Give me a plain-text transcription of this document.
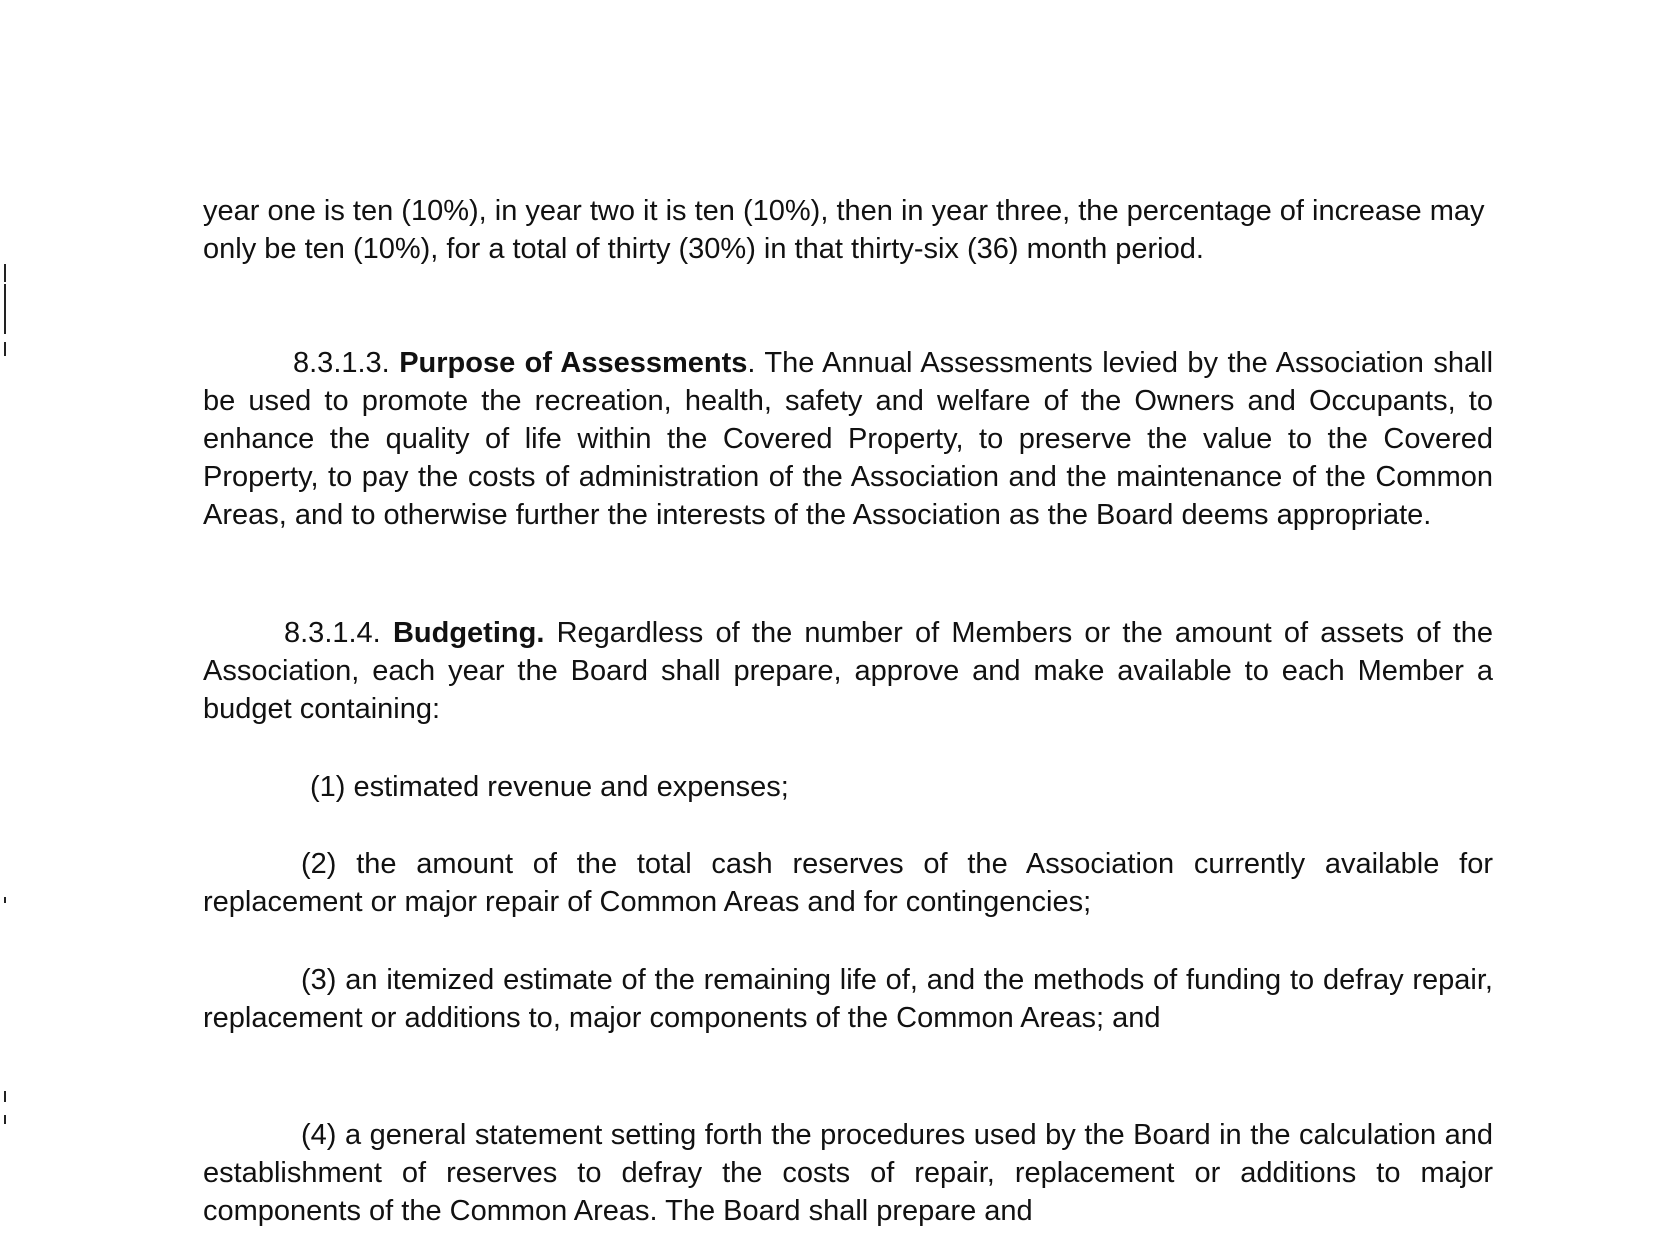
year one is ten (10%), in year two it is ten (10%), then in year three, the percentage of increase may only be ten (10%), for a total of thirty (30%) in that thirty-six (36) month period.

8.3.1.3. Purpose of Assessments. The Annual Assessments levied by the Association shall be used to promote the recreation, health, safety and welfare of the Owners and Occupants, to enhance the quality of life within the Covered Property, to preserve the value to the Covered Property, to pay the costs of administration of the Association and the maintenance of the Common Areas, and to otherwise further the interests of the Association as the Board deems appropriate.

8.3.1.4. Budgeting. Regardless of the number of Members or the amount of assets of the Association, each year the Board shall prepare, approve and make available to each Member a budget containing:

(1) estimated revenue and expenses;

(2) the amount of the total cash reserves of the Association currently available for replacement or major repair of Common Areas and for contingencies;

(3) an itemized estimate of the remaining life of, and the methods of funding to defray repair, replacement or additions to, major components of the Common Areas; and

(4) a general statement setting forth the procedures used by the Board in the calculation and establishment of reserves to defray the costs of repair, replacement or additions to major components of the Common Areas. The Board shall prepare and
